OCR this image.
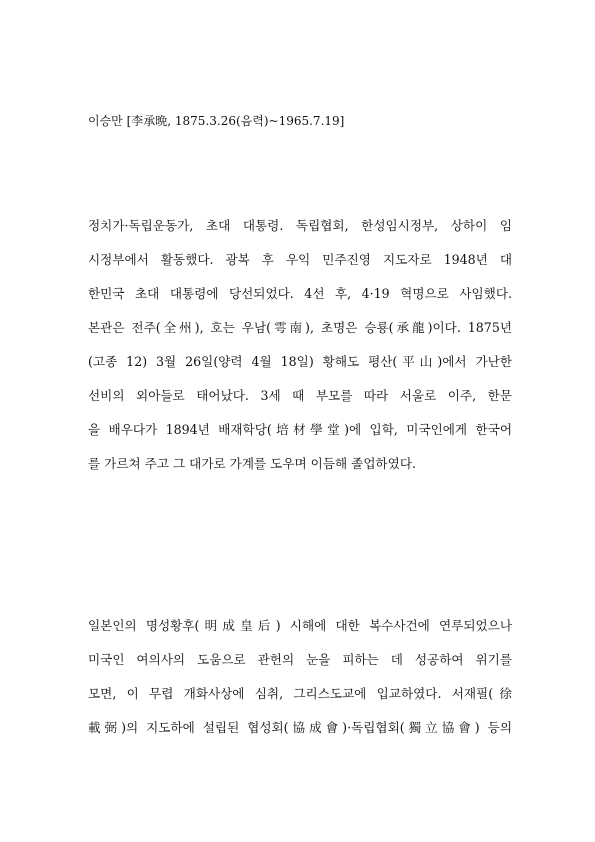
이승만 [李承晩, 1875.3.26(음력)~1965.7.19]
정치가·독립운동가, 초대 대통령. 독립협회, 한성임시정부, 상하이 임
시정부에서 활동했다. 광복 후 우익 민주진영 지도자로 1948년 대
한민국 초대 대통령에 당선되었다. 4선 후, 4·19 혁명으로 사임했다.
본관은 전주(全州), 호는 우남(雩南), 초명은 승룡(承龍)이다. 1875년
(고종 12) 3월 26일(양력 4월 18일) 황해도 평산(平山)에서 가난한
선비의 외아들로 태어났다. 3세 때 부모를 따라 서울로 이주, 한문
을 배우다가 1894년 배재학당(培材學堂)에 입학, 미국인에게 한국어
를 가르쳐 주고 그 대가로 가계를 도우며 이듬해 졸업하였다.
일본인의 명성황후(明成皇后) 시해에 대한 복수사건에 연루되었으나
미국인 여의사의 도움으로 관헌의 눈을 피하는 데 성공하여 위기를
모면, 이 무렵 개화사상에 심취, 그리스도교에 입교하였다. 서재필(徐
載弼)의 지도하에 설립된 협성회(協成會)·독립협회(獨立協會) 등의
